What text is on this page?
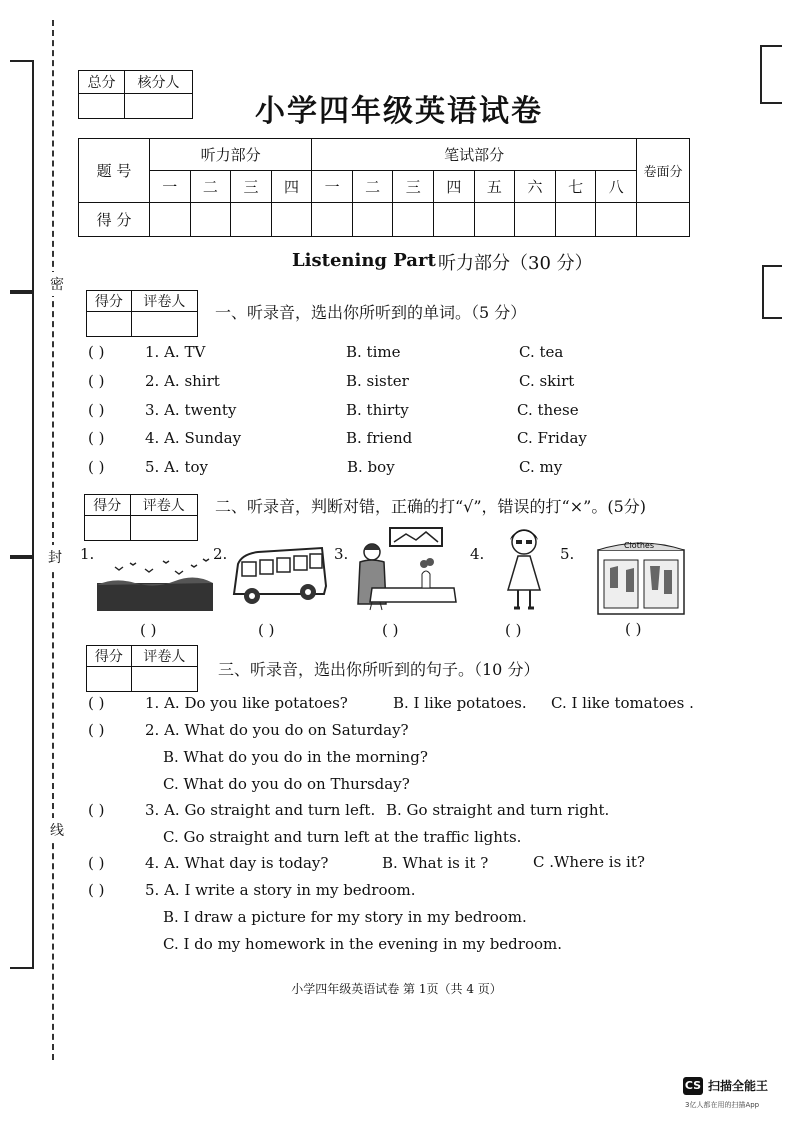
密
封
线
总分	核分人

小学四年级英语试卷
题 号	听力部分				笔试部分								卷面分
	一	二	三	四	一	二	三	四	五	六	七	八	
得 分													
Listening Part 听力部分（30 分）
得分	评卷人

一、听录音，选出你所听到的单词。（5 分）
( )	1. A. TV	B. time	C. tea
( )	2. A. shirt	B. sister	C. skirt
( )	3. A. twenty	B. thirty	C. these
( )	4. A. Sunday	B. friend	C. Friday
( )	5. A. toy	B. boy	C. my
得分	评卷人
	二、听录音，判断对错，正确的打“√”，错误的打“×”。(5分)
1.	2.	3.	4.	5.	Clothes
( )	( )	( )	( )	( )
得分	评卷人

三、听录音，选出你所听到的句子。（10 分）
( )	1. A. Do you like potatoes?	B. I like potatoes. C. I like tomatoes .
( )	2. A. What do you do on Saturday?
B. What do you do in the morning?
C. What do you do on Thursday?
( )	3. A. Go straight and turn left. B. Go straight and turn right.
C. Go straight and turn left at the traffic lights.
( )	4. A. What day is today?	B. What is it ?	C .Where is it?
( )	5. A. I write a story in my bedroom.
B. I draw a picture for my story in my bedroom.
C. I do my homework in the evening in my bedroom.
小学四年级英语试卷 第 1页（共 4 页）
CS 扫描全能王
3亿人都在用的扫描App
